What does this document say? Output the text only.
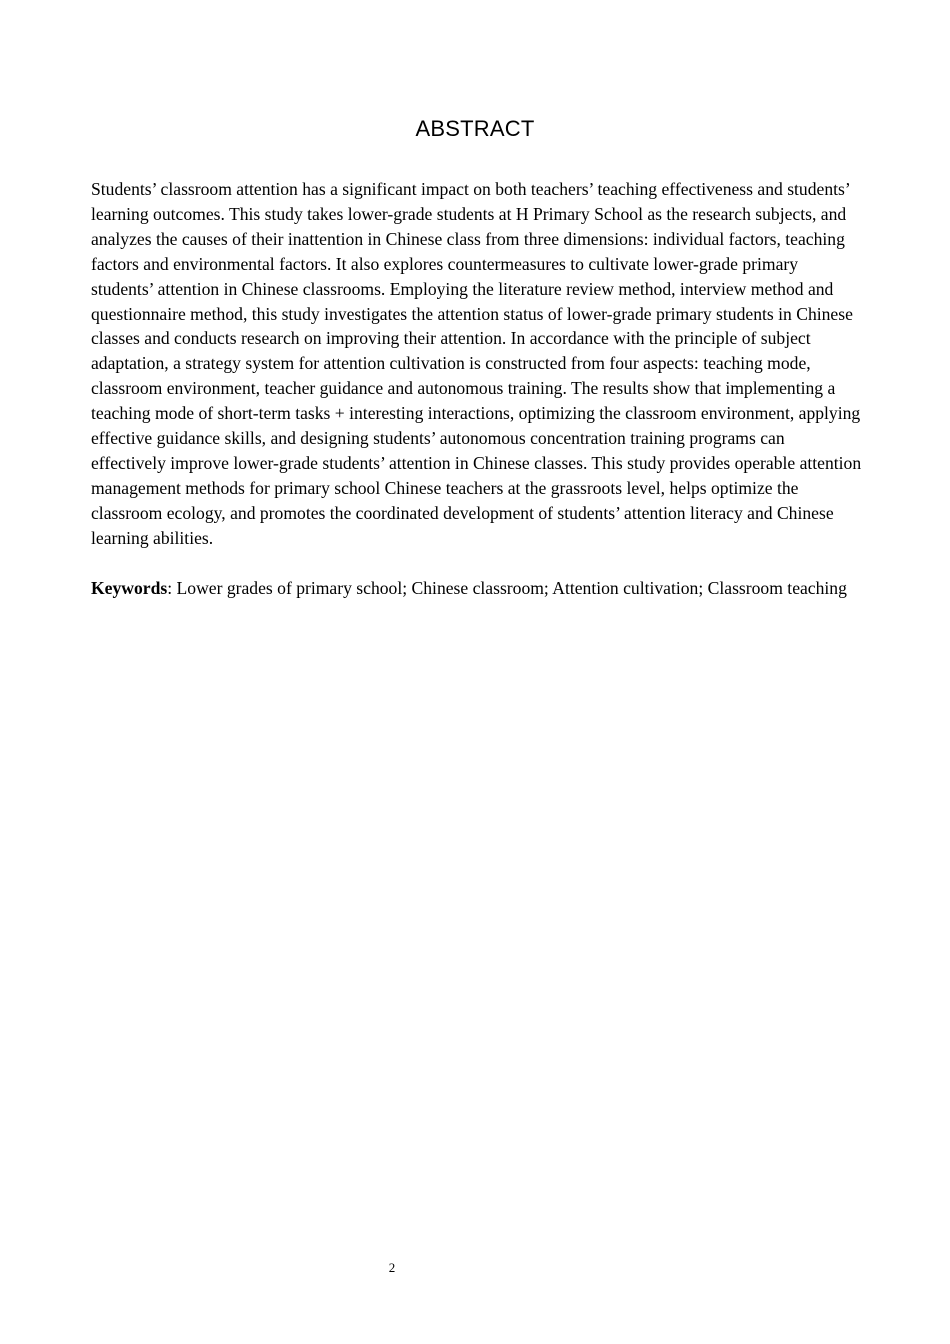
ABSTRACT

Students’ classroom attention has a significant impact on both teachers’ teaching effectiveness and students’ learning outcomes. This study takes lower-grade students at H Primary School as the research subjects, and analyzes the causes of their inattention in Chinese class from three dimensions: individual factors, teaching factors and environmental factors. It also explores countermeasures to cultivate lower-grade primary students’ attention in Chinese classrooms. Employing the literature review method, interview method and questionnaire method, this study investigates the attention status of lower-grade primary students in Chinese classes and conducts research on improving their attention. In accordance with the principle of subject adaptation, a strategy system for attention cultivation is constructed from four aspects: teaching mode, classroom environment, teacher guidance and autonomous training. The results show that implementing a teaching mode of short-term tasks + interesting interactions, optimizing the classroom environment, applying effective guidance skills, and designing students’ autonomous concentration training programs can effectively improve lower-grade students’ attention in Chinese classes. This study provides operable attention management methods for primary school Chinese teachers at the grassroots level, helps optimize the classroom ecology, and promotes the coordinated development of students’ attention literacy and Chinese learning abilities.

Keywords: Lower grades of primary school; Chinese classroom; Attention cultivation; Classroom teaching

2
